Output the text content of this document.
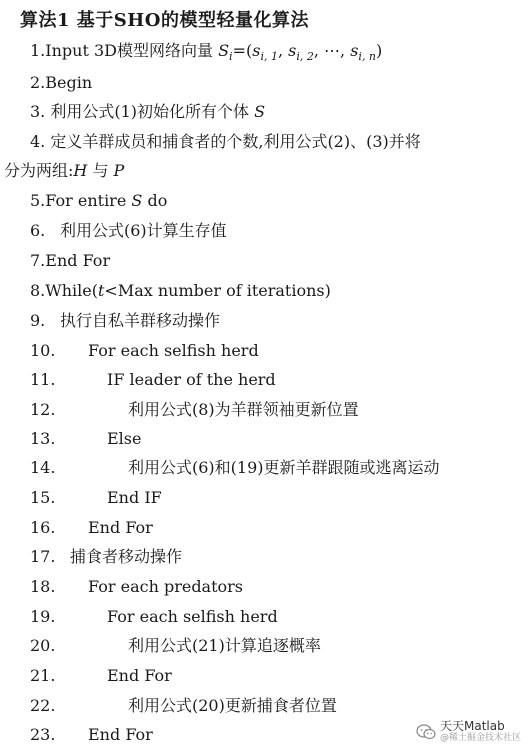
算法1 基于SHO的模型轻量化算法
1.Input 3D模型网络向量 $S_i=(s_{i, 1}$, $s_{i, 2}$, ⋯, $s_{i, n}$)
2.Begin
3. 利用公式(1)初始化所有个体 S
4. 定义羊群成员和捕食者的个数,利用公式(2)、(3)并将
分为两组:H 与 P
5.For entire S do
6. 利用公式(6)计算生存值
7.End For
8.While(t<Max number of iterations)
9. 执行自私羊群移动操作
10. For each selfish herd
11.	IF leader of the herd
12.	利用公式(8)为羊群领袖更新位置
13.	Else
14.	利用公式(6)和(19)更新羊群跟随或逃离运动
15.	End IF
16. End For
17. 捕食者移动操作
18. For each predators
19.	For each selfish herd
20.	利用公式(21)计算追逐概率
21.	End For
22.	利用公式(20)更新捕食者位置
23. End For	天天Matlab
@稀土掘金技术社区
